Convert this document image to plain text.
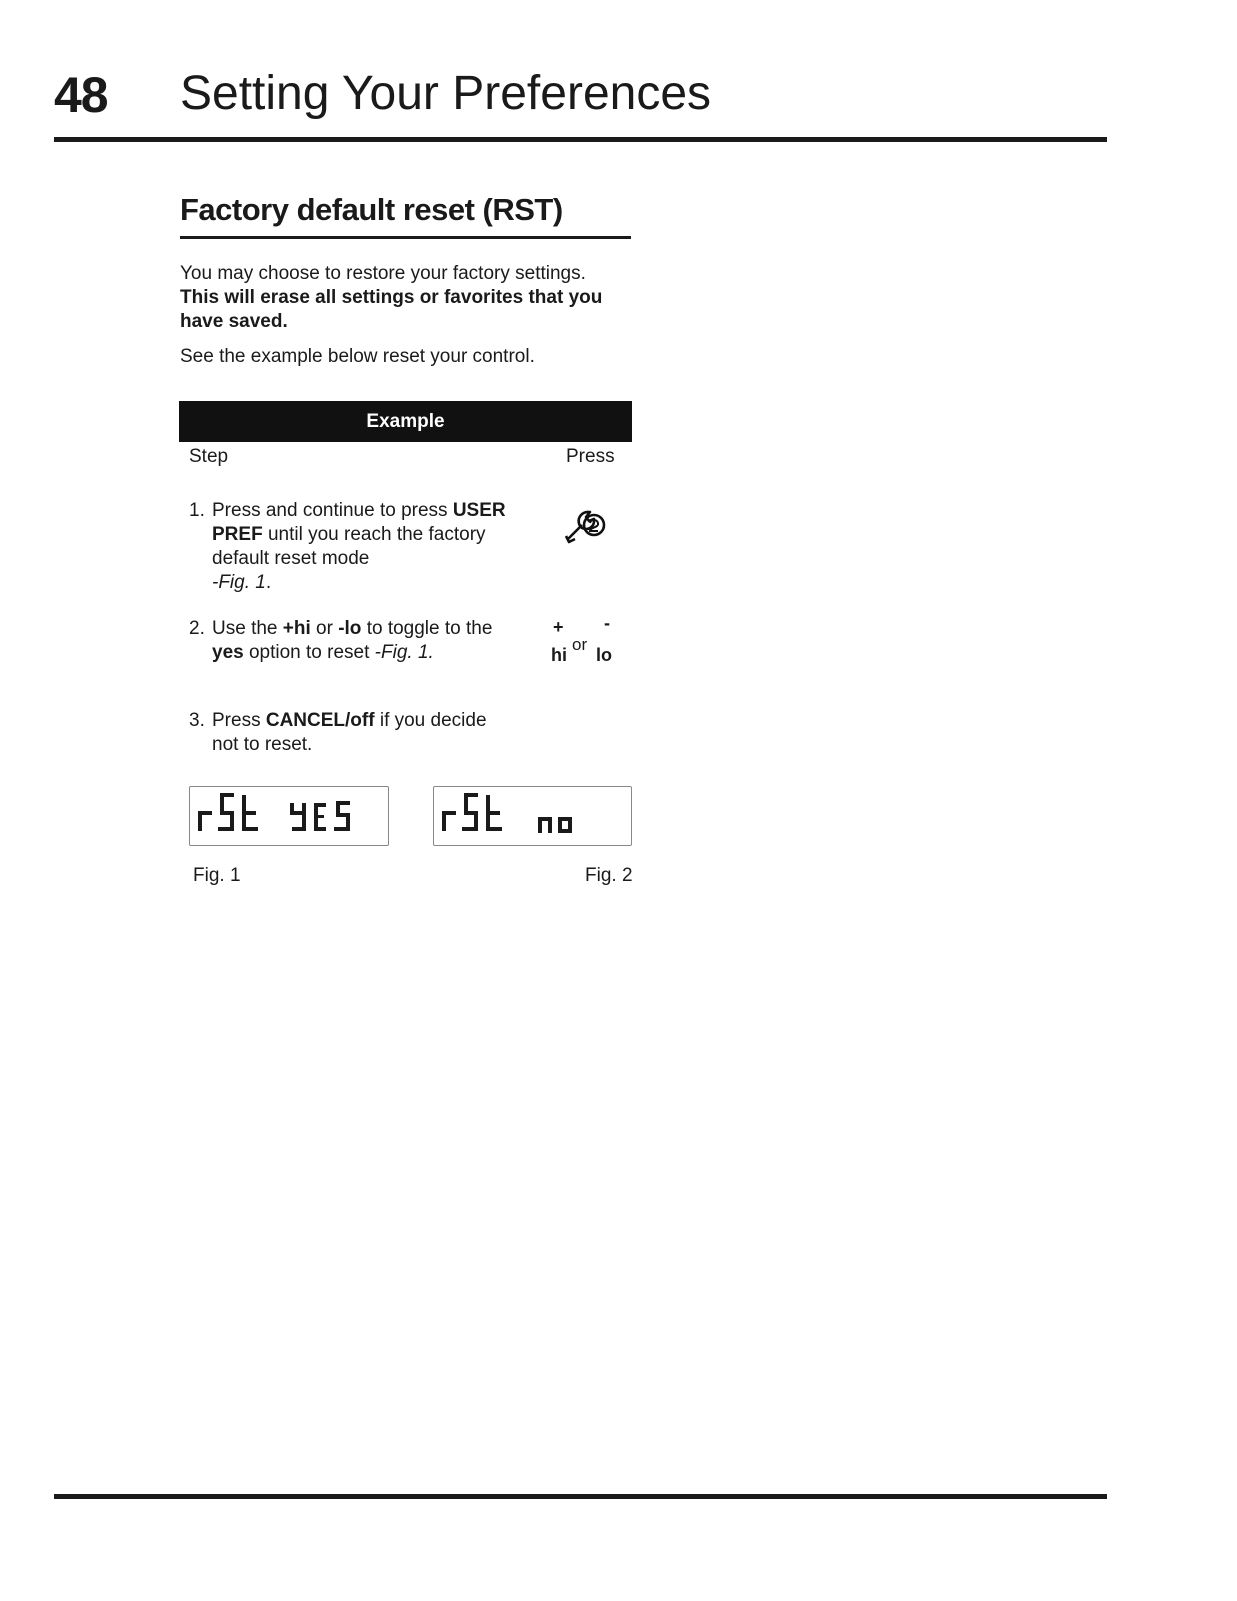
48 Setting Your Preferences
Factory default reset (RST)
You may choose to restore your factory settings.
This will erase all settings or favorites that you have saved.
See the example below reset your control.
Example
Step	Press
1. Press and continue to press USER PREF until you reach the factory default reset mode
-Fig. 1.
2. Use the +hi or -lo to toggle to the yes option to reset -Fig. 1.
+ -
hi
or
lo
3. Press CANCEL/off if you decide not to reset.
Fig. 1	Fig. 2
